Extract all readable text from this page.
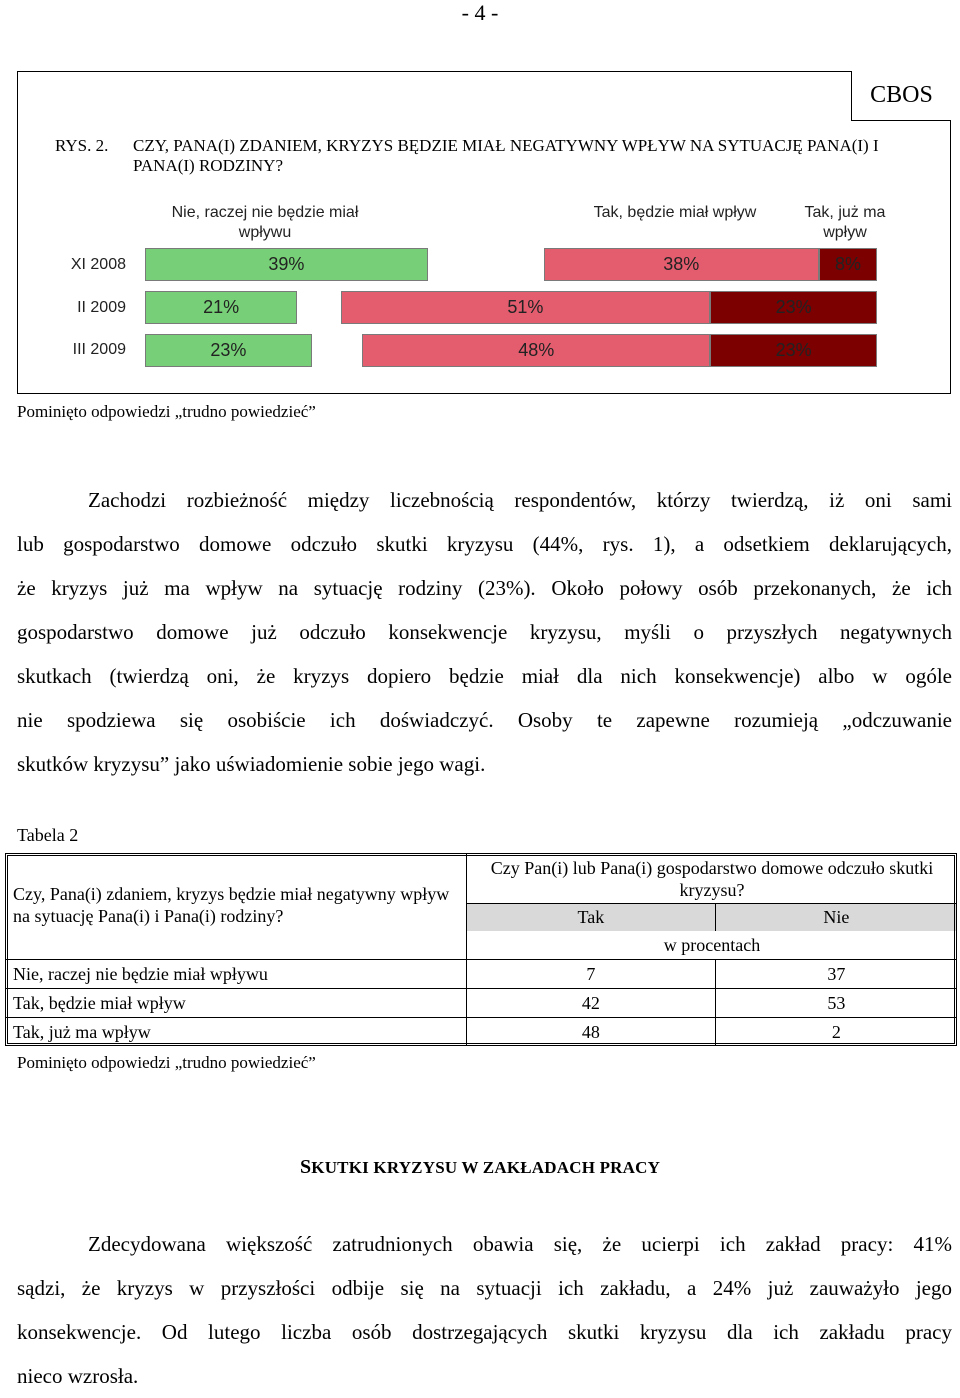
- 4 -
CBOS
RYS. 2. CZY, PANA(I) ZDANIEM, KRYZYS BĘDZIE MIAŁ NEGATYWNY WPŁYW NA SYTUACJĘ PANA(I) I PANA(I) RODZINY?
Nie, raczej nie będzie miał wpływu
Tak, będzie miał wpływ	Tak, już ma wpływ
XI 2008
II 2009
III 2009
39%	38%	8%
21%	51%	23%
23%	48%	23%
Pominięto odpowiedzi „trudno powiedzieć”
Zachodzi rozbieżność między liczebnością respondentów, którzy twierdzą, iż oni sami
lub gospodarstwo domowe odczuło skutki kryzysu (44%, rys. 1), a odsetkiem deklarujących,
że kryzys już ma wpływ na sytuację rodziny (23%). Około połowy osób przekonanych, że ich
gospodarstwo domowe już odczuło konsekwencje kryzysu, myśli o przyszłych negatywnych
skutkach (twierdzą oni, że kryzys dopiero będzie miał dla nich konsekwencje) albo w ogóle
nie spodziewa się osobiście ich doświadczyć. Osoby te zapewne rozumieją „odczuwanie
skutków kryzysu” jako uświadomienie sobie jego wagi.
Tabela 2
Czy, Pana(i) zdaniem, kryzys będzie miał negatywny wpływ na sytuację Pana(i) i Pana(i) rodziny?	Czy Pan(i) lub Pana(i) gospodarstwo domowe odczuło skutki kryzysu?	
	Tak	Nie
	w procentach	
Nie, raczej nie będzie miał wpływu	7	37
Tak, będzie miał wpływ	42	53
Tak, już ma wpływ	48	2
Pominięto odpowiedzi „trudno powiedzieć”
SKUTKI KRYZYSU W ZAKŁADACH PRACY
Zdecydowana większość zatrudnionych obawia się, że ucierpi ich zakład pracy: 41%
sądzi, że kryzys w przyszłości odbije się na sytuacji ich zakładu, a 24% już zauważyło jego
konsekwencje. Od lutego liczba osób dostrzegających skutki kryzysu dla ich zakładu pracy
nieco wzrosła.
